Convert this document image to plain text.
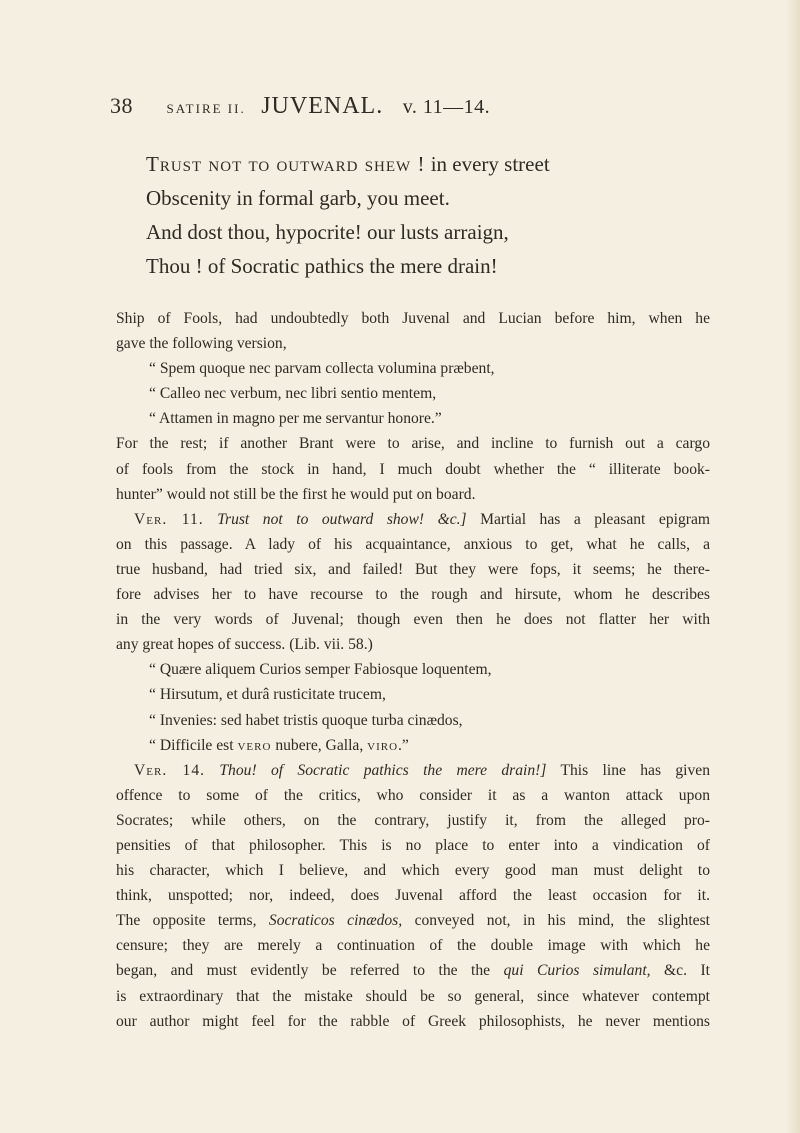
38	SATIRE II. JUVENAL. v. 11—14.
Trust not to outward shew ! in every street
Obscenity in formal garb, you meet.
And dost thou, hypocrite! our lusts arraign,
Thou ! of Socratic pathics the mere drain!
Ship of Fools, had undoubtedly both Juvenal and Lucian before him, when he
gave the following version,
“ Spem quoque nec parvam collecta volumina præbent,
“ Calleo nec verbum, nec libri sentio mentem,
“ Attamen in magno per me servantur honore.”
For the rest; if another Brant were to arise, and incline to furnish out a cargo
of fools from the stock in hand, I much doubt whether the “ illiterate book-
hunter” would not still be the first he would put on board.
Ver. 11. Trust not to outward show! &c.] Martial has a pleasant epigram
on this passage. A lady of his acquaintance, anxious to get, what he calls, a
true husband, had tried six, and failed! But they were fops, it seems; he there-
fore advises her to have recourse to the rough and hirsute, whom he describes
in the very words of Juvenal; though even then he does not flatter her with
any great hopes of success. (Lib. vii. 58.)
“ Quære aliquem Curios semper Fabiosque loquentem,
“ Hirsutum, et durâ rusticitate trucem,
“ Invenies: sed habet tristis quoque turba cinædos,
“ Difficile est vero nubere, Galla, viro.”
Ver. 14. Thou! of Socratic pathics the mere drain!] This line has given
offence to some of the critics, who consider it as a wanton attack upon
Socrates; while others, on the contrary, justify it, from the alleged pro-
pensities of that philosopher. This is no place to enter into a vindication of
his character, which I believe, and which every good man must delight to
think, unspotted; nor, indeed, does Juvenal afford the least occasion for it.
The opposite terms, Socraticos cinædos, conveyed not, in his mind, the slightest
censure; they are merely a continuation of the double image with which he
began, and must evidently be referred to the the qui Curios simulant, &c. It
is extraordinary that the mistake should be so general, since whatever contempt
our author might feel for the rabble of Greek philosophists, he never mentions
